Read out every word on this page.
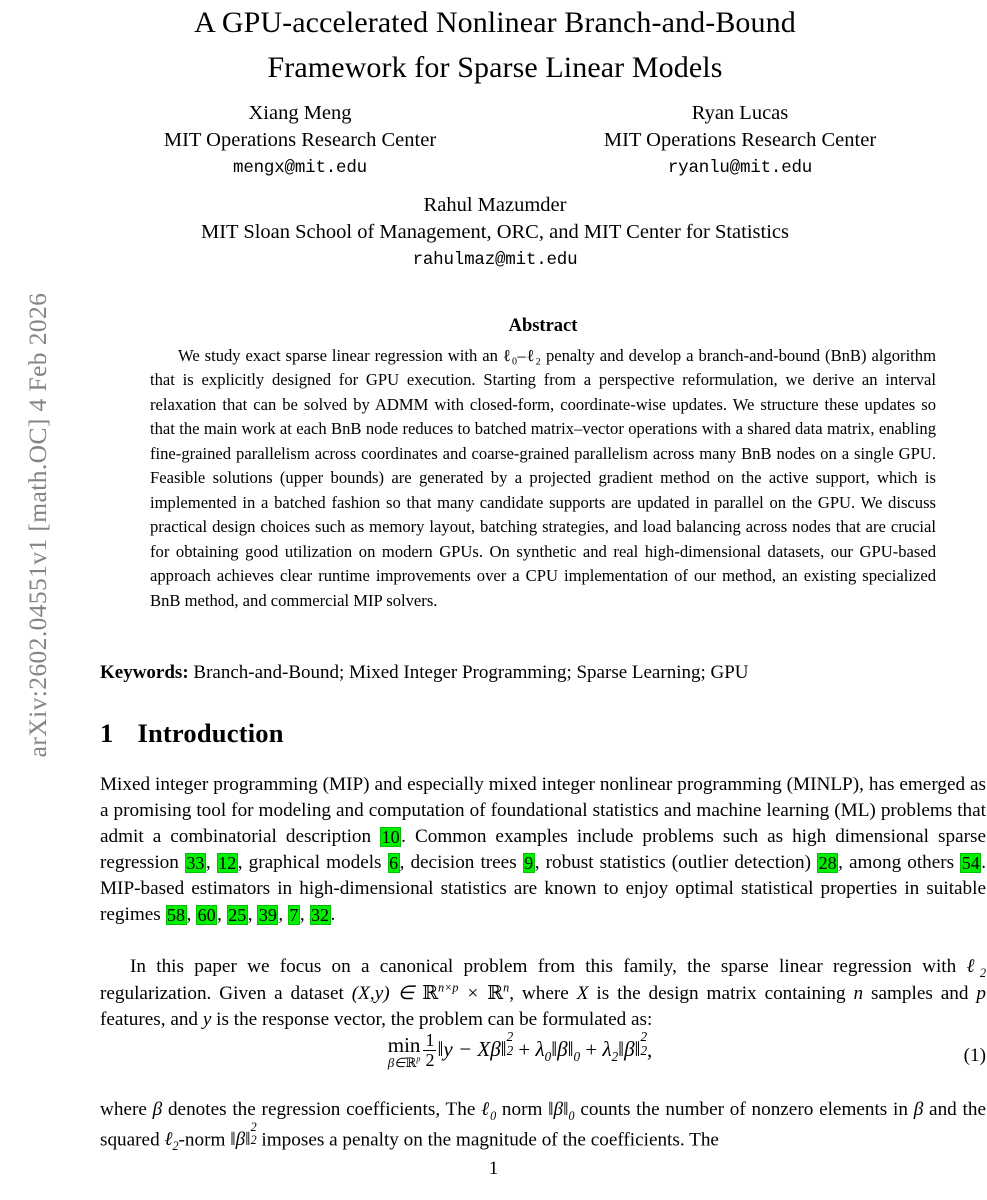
arXiv:2602.04551v1 [math.OC] 4 Feb 2026
A GPU-accelerated Nonlinear Branch-and-Bound Framework for Sparse Linear Models
Xiang Meng
MIT Operations Research Center
mengx@mit.edu
Ryan Lucas
MIT Operations Research Center
ryanlu@mit.edu
Rahul Mazumder
MIT Sloan School of Management, ORC, and MIT Center for Statistics
rahulmaz@mit.edu
Abstract
We study exact sparse linear regression with an ℓ₀–ℓ₂ penalty and develop a branch-and-bound (BnB) algorithm that is explicitly designed for GPU execution. Starting from a perspective reformulation, we derive an interval relaxation that can be solved by ADMM with closed-form, coordinate-wise updates. We structure these updates so that the main work at each BnB node reduces to batched matrix–vector operations with a shared data matrix, enabling fine-grained parallelism across coordinates and coarse-grained parallelism across many BnB nodes on a single GPU. Feasible solutions (upper bounds) are generated by a projected gradient method on the active support, which is implemented in a batched fashion so that many candidate supports are updated in parallel on the GPU. We discuss practical design choices such as memory layout, batching strategies, and load balancing across nodes that are crucial for obtaining good utilization on modern GPUs. On synthetic and real high-dimensional datasets, our GPU-based approach achieves clear runtime improvements over a CPU implementation of our method, an existing specialized BnB method, and commercial MIP solvers.
Keywords: Branch-and-Bound; Mixed Integer Programming; Sparse Learning; GPU
1 Introduction
Mixed integer programming (MIP) and especially mixed integer nonlinear programming (MINLP), has emerged as a promising tool for modeling and computation of foundational statistics and machine learning (ML) problems that admit a combinatorial description 10. Common examples include problems such as high dimensional sparse regression 33, 12, graphical models 6, decision trees 9, robust statistics (outlier detection) 28, among others 54. MIP-based estimators in high-dimensional statistics are known to enjoy optimal statistical properties in suitable regimes 58, 60, 25, 39, 7, 32.
In this paper we focus on a canonical problem from this family, the sparse linear regression with ℓ$_2$ regularization. Given a dataset (X,y) ∈ ℝ$^{n\times p}$ × ℝ$^n$, where X is the design matrix containing n samples and p features, and y is the response vector, the problem can be formulated as:
min
β∈ℝ$^p$ $\frac{1}{2}$ ‖y − Xβ‖
2
$2 + \lambda_0‖\beta‖_0$ + $\lambda_2‖\beta‖$
2
2 ,	(1)
where β denotes the regression coefficients, The ℓ$_0$ norm $‖\beta‖_0$ counts the number of nonzero elements in β and the squared ℓ$_2$-norm ‖β‖
2
2 imposes a penalty on the magnitude of the coefficients. The
1
